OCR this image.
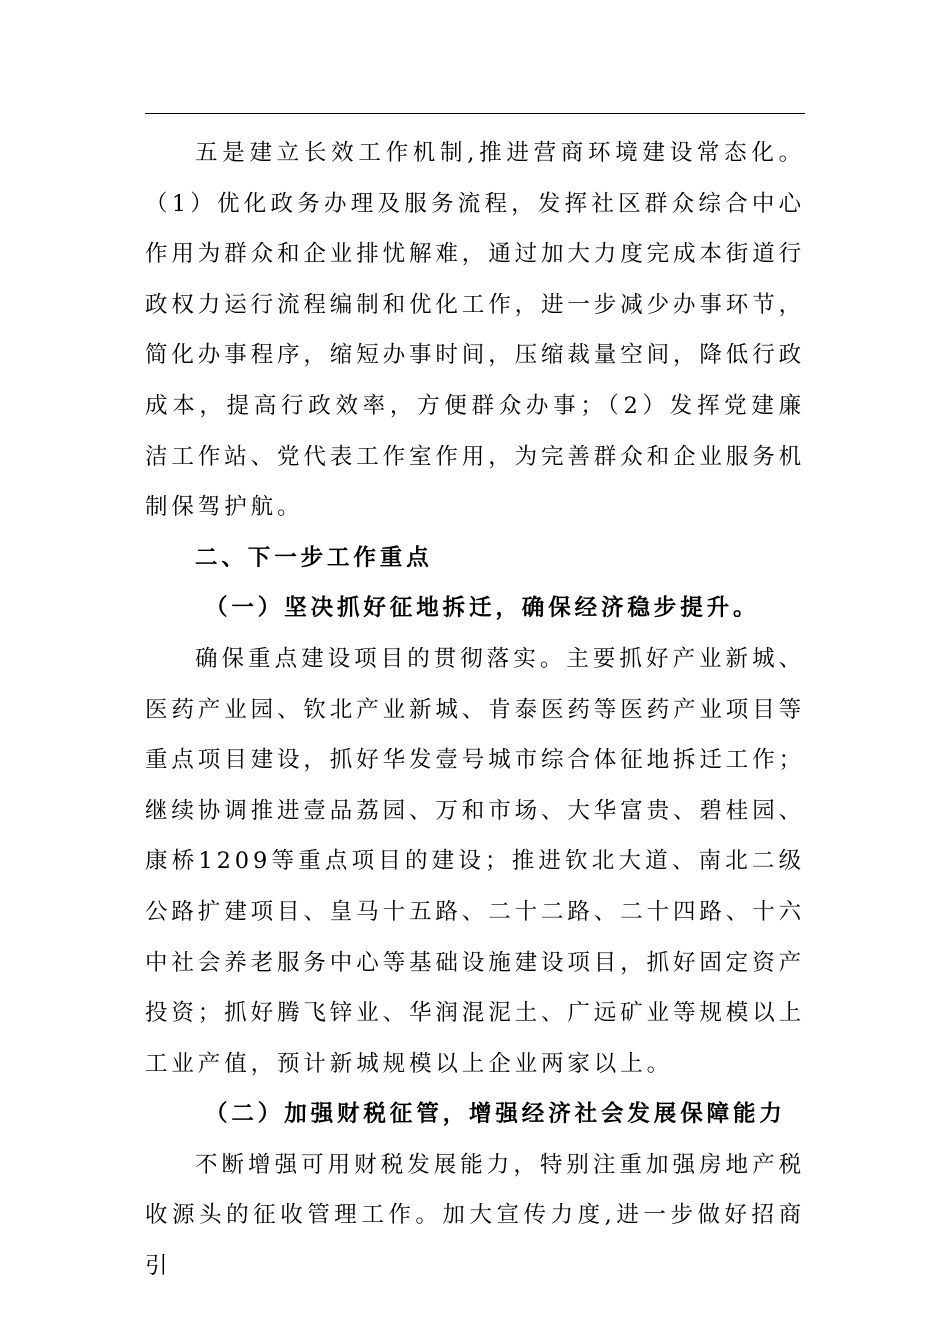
五是建立长效工作机制,推进营商环境建设常态化。（1）优化政务办理及服务流程，发挥社区群众综合中心作用为群众和企业排忧解难，通过加大力度完成本街道行政权力运行流程编制和优化工作，进一步减少办事环节，简化办事程序，缩短办事时间，压缩裁量空间，降低行政成本，提高行政效率，方便群众办事；（2）发挥党建廉洁工作站、党代表工作室作用，为完善群众和企业服务机制保驾护航。

二、下一步工作重点

（一）坚决抓好征地拆迁，确保经济稳步提升。

确保重点建设项目的贯彻落实。主要抓好产业新城、医药产业园、钦北产业新城、肯泰医药等医药产业项目等重点项目建设，抓好华发壹号城市综合体征地拆迁工作；继续协调推进壹品荔园、万和市场、大华富贵、碧桂园、康桥1209等重点项目的建设；推进钦北大道、南北二级公路扩建项目、皇马十五路、二十二路、二十四路、十六中社会养老服务中心等基础设施建设项目，抓好固定资产投资；抓好腾飞锌业、华润混泥土、广远矿业等规模以上工业产值，预计新城规模以上企业两家以上。

（二）加强财税征管，增强经济社会发展保障能力

不断增强可用财税发展能力，特别注重加强房地产税收源头的征收管理工作。加大宣传力度,进一步做好招商引
